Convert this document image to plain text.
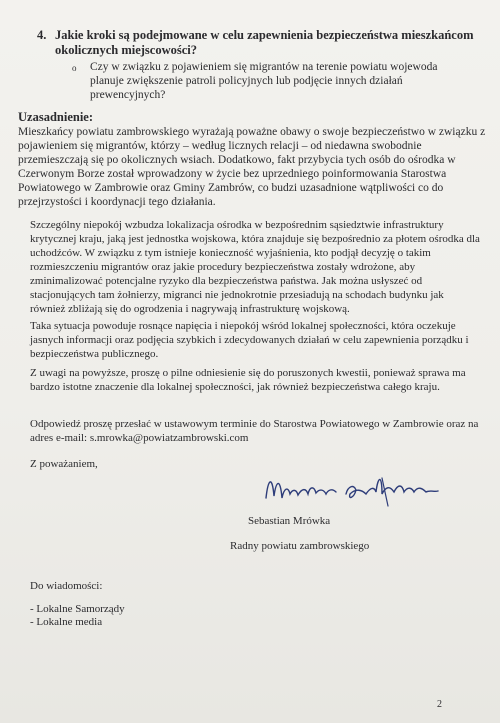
4. Jakie kroki są podejmowane w celu zapewnienia bezpieczeństwa mieszkańcom okolicznych miejscowości?
o Czy w związku z pojawieniem się migrantów na terenie powiatu wojewoda planuje zwiększenie patroli policyjnych lub podjęcie innych działań prewencyjnych?
Uzasadnienie:
Mieszkańcy powiatu zambrowskiego wyrażają poważne obawy o swoje bezpieczeństwo w związku z pojawieniem się migrantów, którzy – według licznych relacji – od niedawna swobodnie przemieszczają się po okolicznych wsiach. Dodatkowo, fakt przybycia tych osób do ośrodka w Czerwonym Borze został wprowadzony w życie bez uprzedniego poinformowania Starostwa Powiatowego w Zambrowie oraz Gminy Zambrów, co budzi uzasadnione wątpliwości co do przejrzystości i koordynacji tego działania.
Szczególny niepokój wzbudza lokalizacja ośrodka w bezpośrednim sąsiedztwie infrastruktury krytycznej kraju, jaką jest jednostka wojskowa, która znajduje się bezpośrednio za płotem ośrodka dla uchodźców. W związku z tym istnieje konieczność wyjaśnienia, kto podjął decyzję o takim rozmieszczeniu migrantów oraz jakie procedury bezpieczeństwa zostały wdrożone, aby zminimalizować potencjalne ryzyko dla bezpieczeństwa państwa. Jak można usłyszeć od stacjonujących tam żołnierzy, migranci nie jednokrotnie przesiadują na schodach budynku jak również zbliżają się do ogrodzenia i nagrywają infrastrukturę wojskową.
Taka sytuacja powoduje rosnące napięcia i niepokój wśród lokalnej społeczności, która oczekuje jasnych informacji oraz podjęcia szybkich i zdecydowanych działań w celu zapewnienia porządku i bezpieczeństwa publicznego.
Z uwagi na powyższe, proszę o pilne odniesienie się do poruszonych kwestii, ponieważ sprawa ma bardzo istotne znaczenie dla lokalnej społeczności, jak również bezpieczeństwa całego kraju.
Odpowiedź proszę przesłać w ustawowym terminie do Starostwa Powiatowego w Zambrowie oraz na adres e-mail: s.mrowka@powiatzambrowski.com
Z poważaniem,
Sebastian Mrówka
Radny powiatu zambrowskiego
Do wiadomości:
- Lokalne Samorządy
- Lokalne media
2
